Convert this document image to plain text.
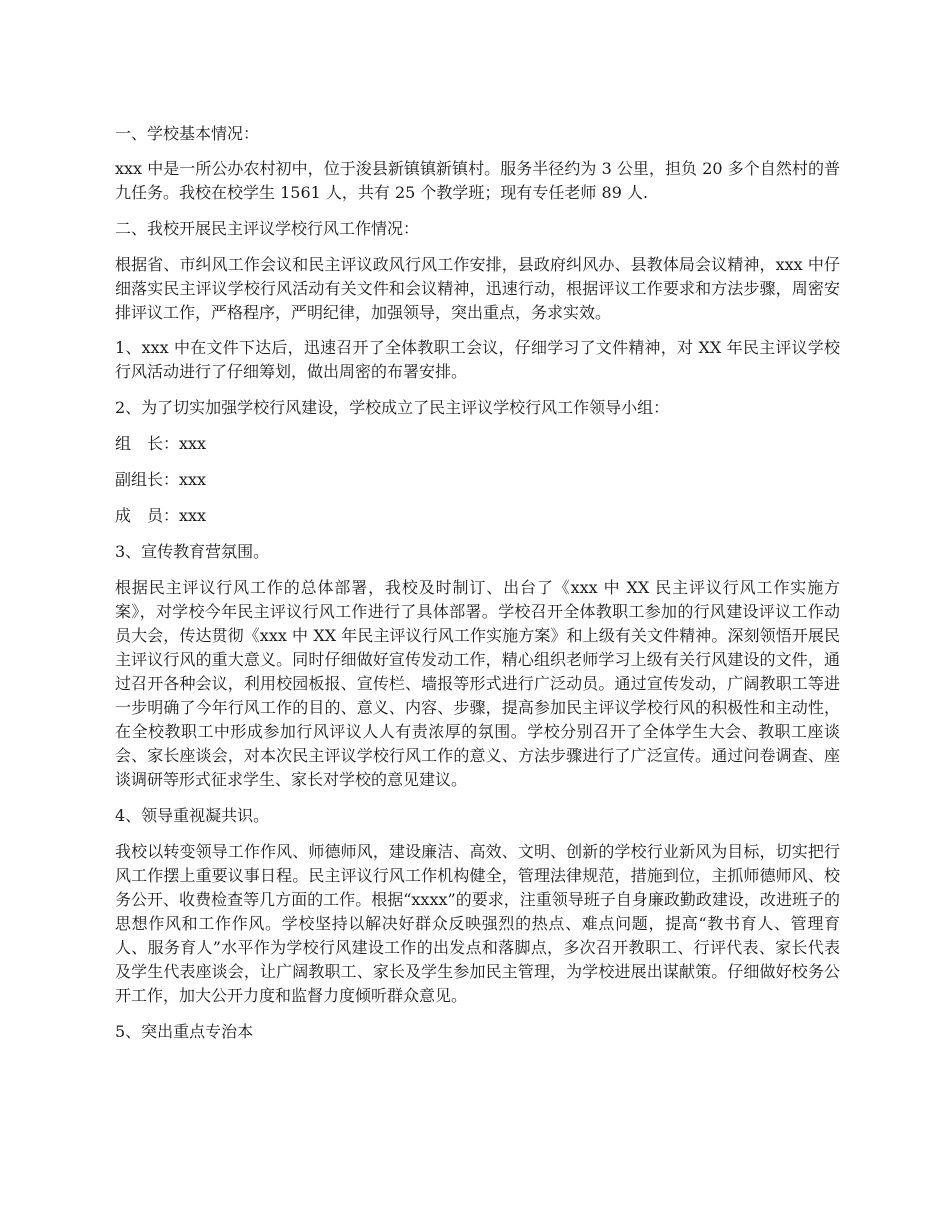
一、学校基本情况：

xxx 中是一所公办农村初中，位于浚县新镇镇新镇村。服务半径约为 3 公里，担负 20 多个自然村的普九任务。我校在校学生 1561 人，共有 25 个教学班；现有专任老师 89 人.

二、我校开展民主评议学校行风工作情况：

根据省、市纠风工作会议和民主评议政风行风工作安排，县政府纠风办、县教体局会议精神，xxx 中仔细落实民主评议学校行风活动有关文件和会议精神，迅速行动，根据评议工作要求和方法步骤，周密安排评议工作，严格程序，严明纪律，加强领导，突出重点，务求实效。

1、xxx 中在文件下达后，迅速召开了全体教职工会议，仔细学习了文件精神，对 XX 年民主评议学校行风活动进行了仔细筹划，做出周密的布署安排。

2、为了切实加强学校行风建设，学校成立了民主评议学校行风工作领导小组：

组　长：xxx

副组长：xxx

成　员：xxx

3、宣传教育营氛围。

根据民主评议行风工作的总体部署，我校及时制订、出台了《xxx 中 XX 民主评议行风工作实施方案》，对学校今年民主评议行风工作进行了具体部署。学校召开全体教职工参加的行风建设评议工作动员大会，传达贯彻《xxx 中 XX 年民主评议行风工作实施方案》和上级有关文件精神。深刻领悟开展民主评议行风的重大意义。同时仔细做好宣传发动工作，精心组织老师学习上级有关行风建设的文件，通过召开各种会议，利用校园板报、宣传栏、墙报等形式进行广泛动员。通过宣传发动，广阔教职工等进一步明确了今年行风工作的目的、意义、内容、步骤，提高参加民主评议学校行风的积极性和主动性，在全校教职工中形成参加行风评议人人有责浓厚的氛围。学校分别召开了全体学生大会、教职工座谈会、家长座谈会，对本次民主评议学校行风工作的意义、方法步骤进行了广泛宣传。通过问卷调查、座谈调研等形式征求学生、家长对学校的意见建议。

4、领导重视凝共识。

我校以转变领导工作作风、师德师风，建设廉洁、高效、文明、创新的学校行业新风为目标，切实把行风工作摆上重要议事日程。民主评议行风工作机构健全，管理法律规范，措施到位，主抓师德师风、校务公开、收费检查等几方面的工作。根据“xxxx”的要求，注重领导班子自身廉政勤政建设，改进班子的思想作风和工作作风。学校坚持以解决好群众反映强烈的热点、难点问题，提高“教书育人、管理育人、服务育人”水平作为学校行风建设工作的出发点和落脚点，多次召开教职工、行评代表、家长代表及学生代表座谈会，让广阔教职工、家长及学生参加民主管理，为学校进展出谋献策。仔细做好校务公开工作，加大公开力度和监督力度倾听群众意见。

5、突出重点专治本
